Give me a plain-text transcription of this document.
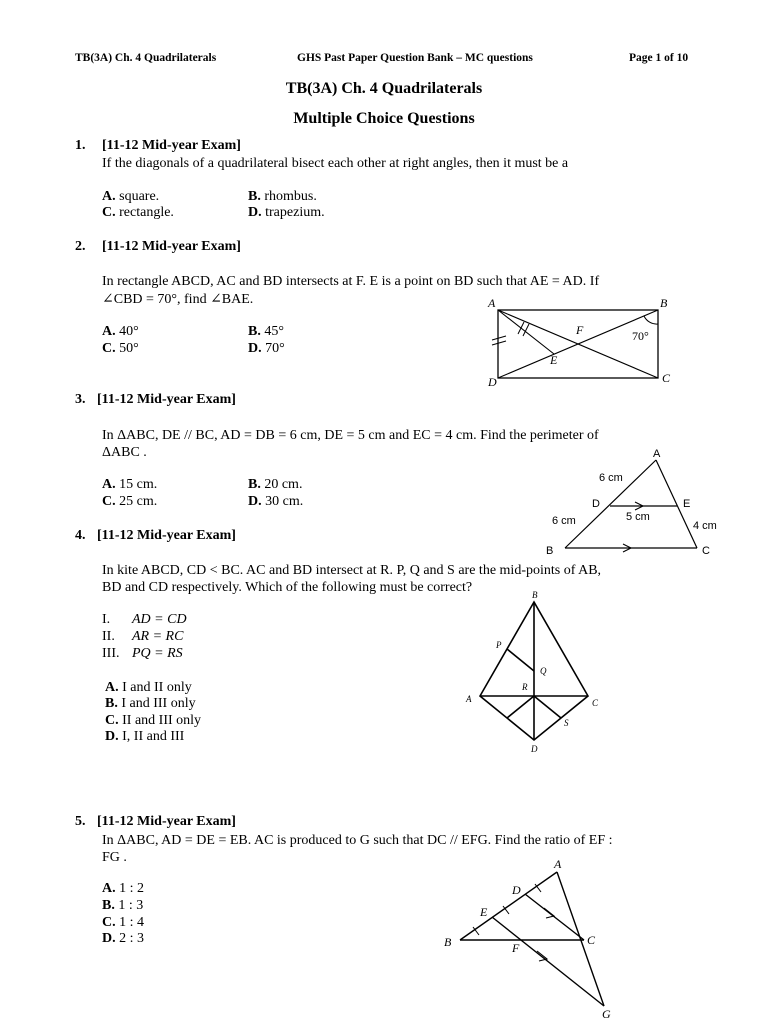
TB(3A) Ch. 4 Quadrilaterals	GHS Past Paper Question Bank – MC questions	Page 1 of 10
TB(3A) Ch. 4 Quadrilaterals
Multiple Choice Questions
1. [11-12 Mid-year Exam]
If the diagonals of a quadrilateral bisect each other at right angles, then it must be a
A. square.	B. rhombus.
C. rectangle.	D. trapezium.
2. [11-12 Mid-year Exam]
In rectangle ABCD, AC and BD intersects at F. E is a point on BD such that AE = AD. If
∠CBD = 70°, find ∠BAE.
A. 40°	B. 45°
C. 50°	D. 70°
A	B
C
D
E
F	70°
3. [11-12 Mid-year Exam]
In ΔABC, DE // BC, AD = DB = 6 cm, DE = 5 cm and EC = 4 cm. Find the perimeter of
ΔABC .
A. 15 cm.	B. 20 cm.
C. 25 cm.	D. 30 cm.
A
B	C
D	E
6 cm
6 cm	5 cm
4 cm
4. [11-12 Mid-year Exam]
In kite ABCD, CD < BC. AC and BD intersect at R. P, Q and S are the mid-points of AB,
BD and CD respectively. Which of the following must be correct?
I. AD = CD
II. AR = RC
III. PQ = RS
A. I and II only
B. I and III only
C. II and III only
D. I, II and III
B
A	C
D
P
Q
R
S
5. [11-12 Mid-year Exam]
In ΔABC, AD = DE = EB. AC is produced to G such that DC // EFG. Find the ratio of EF :
FG .
A. 1 : 2
B. 1 : 3
C. 1 : 4
D. 2 : 3
A
B	C
D
E
F
G
